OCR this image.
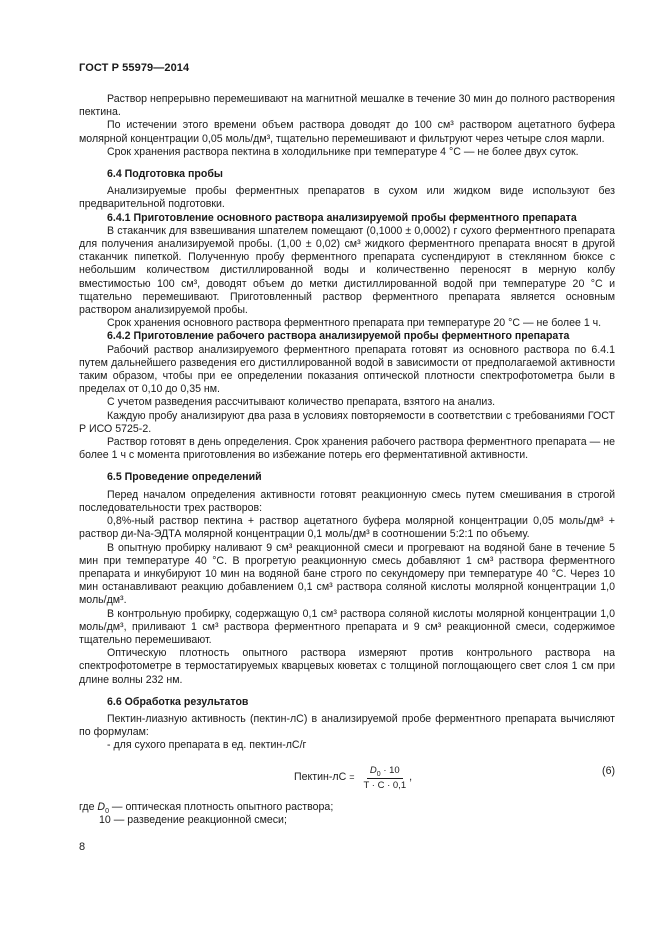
ГОСТ Р 55979—2014

Раствор непрерывно перемешивают на магнитной мешалке в течение 30 мин до полного растворения пектина.

По истечении этого времени объем раствора доводят до 100 см³ раствором ацетатного буфера молярной концентрации 0,05 моль/дм³, тщательно перемешивают и фильтруют через четыре слоя марли.

Срок хранения раствора пектина в холодильнике при температуре 4 °С — не более двух суток.

6.4 Подготовка пробы

Анализируемые пробы ферментных препаратов в сухом или жидком виде используют без предварительной подготовки.

6.4.1 Приготовление основного раствора анализируемой пробы ферментного препарата

В стаканчик для взвешивания шпателем помещают (0,1000 ± 0,0002) г сухого ферментного препарата для получения анализируемой пробы. (1,00 ± 0,02) см³ жидкого ферментного препарата вносят в другой стаканчик пипеткой. Полученную пробу ферментного препарата суспендируют в стеклянном бюксе с небольшим количеством дистиллированной воды и количественно переносят в мерную колбу вместимостью 100 см³, доводят объем до метки дистиллированной водой при температуре 20 °С и тщательно перемешивают. Приготовленный раствор ферментного препарата является основным раствором анализируемой пробы.

Срок хранения основного раствора ферментного препарата при температуре 20 °С — не более 1 ч.

6.4.2 Приготовление рабочего раствора анализируемой пробы ферментного препарата

Рабочий раствор анализируемого ферментного препарата готовят из основного раствора по 6.4.1 путем дальнейшего разведения его дистиллированной водой в зависимости от предполагаемой активности таким образом, чтобы при ее определении показания оптической плотности спектрофотометра были в пределах от 0,10 до 0,35 нм.

С учетом разведения рассчитывают количество препарата, взятого на анализ.

Каждую пробу анализируют два раза в условиях повторяемости в соответствии с требованиями ГОСТ Р ИСО 5725-2.

Раствор готовят в день определения. Срок хранения рабочего раствора ферментного препарата — не более 1 ч с момента приготовления во избежание потерь его ферментативной активности.

6.5 Проведение определений

Перед началом определения активности готовят реакционную смесь путем смешивания в строгой последовательности трех растворов:

0,8%-ный раствор пектина + раствор ацетатного буфера молярной концентрации 0,05 моль/дм³ + раствор ди-Na-ЭДТА молярной концентрации 0,1 моль/дм³ в соотношении 5:2:1 по объему.

В опытную пробирку наливают 9 см³ реакционной смеси и прогревают на водяной бане в течение 5 мин при температуре 40 °С. В прогретую реакционную смесь добавляют 1 см³ раствора ферментного препарата и инкубируют 10 мин на водяной бане строго по секундомеру при температуре 40 °С. Через 10 мин останавливают реакцию добавлением 0,1 см³ раствора соляной кислоты молярной концентрации 1,0 моль/дм³.

В контрольную пробирку, содержащую 0,1 см³ раствора соляной кислоты молярной концентрации 1,0 моль/дм³, приливают 1 см³ раствора ферментного препарата и 9 см³ реакционной смеси, содержимое тщательно перемешивают.

Оптическую плотность опытного раствора измеряют против контрольного раствора на спектрофотометре в термостатируемых кварцевых кюветах с толщиной поглощающего свет слоя 1 см при длине волны 232 нм.

6.6 Обработка результатов

Пектин-лиазную активность (пектин-лС) в анализируемой пробе ферментного препарата вычисляют по формулам:

- для сухого препарата в ед. пектин-лС/г

Пектин-лС = $\frac{D_0 \cdot 10}{T \cdot C \cdot 0,1}$ ,
(6)

где $D_0$ — оптическая плотность опытного раствора;

10 — разведение реакционной смеси;

8
